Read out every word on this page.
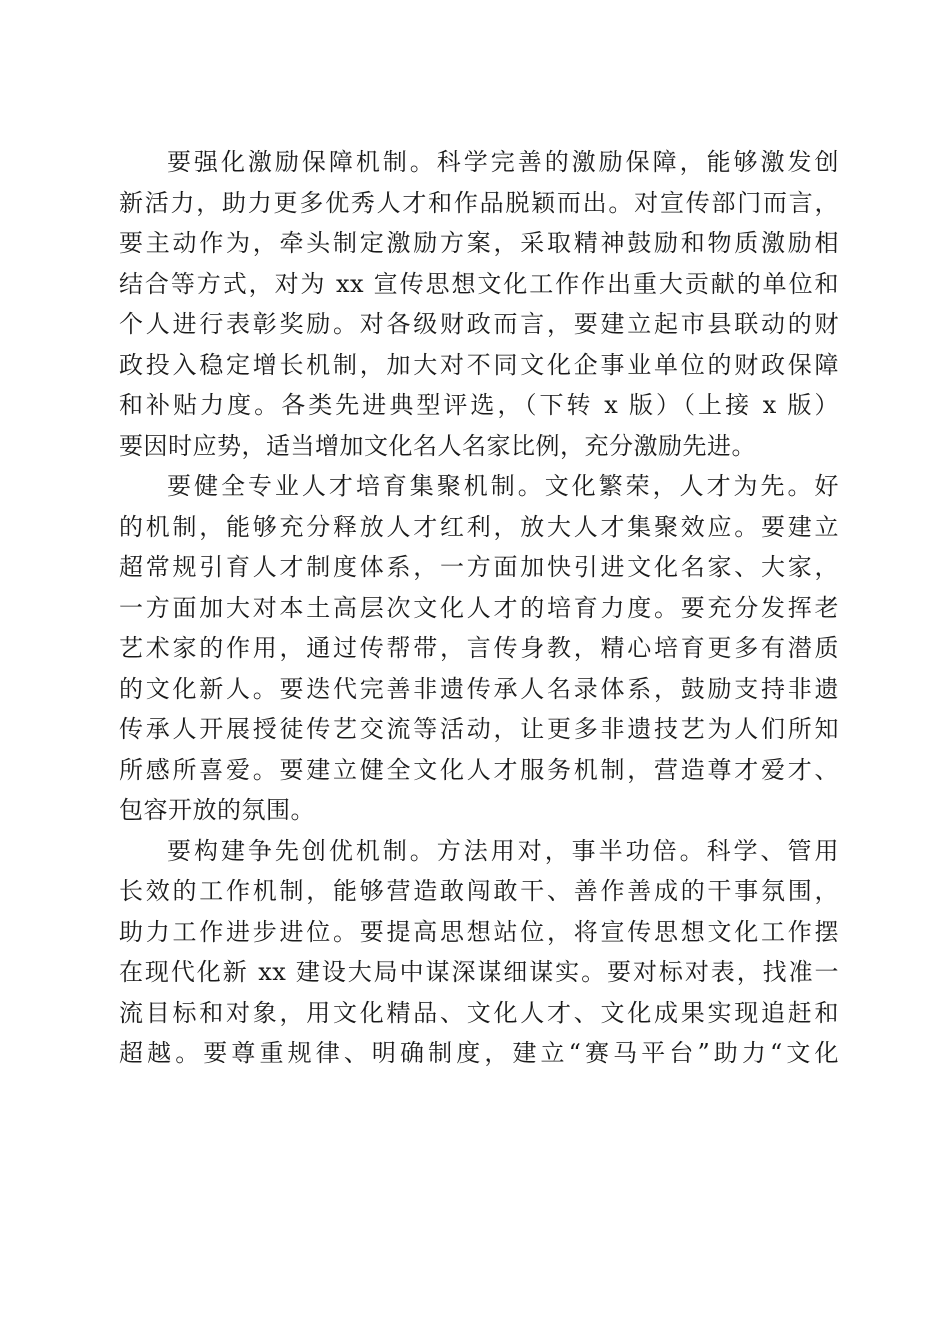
要强化激励保障机制。科学完善的激励保障，能够激发创
新活力，助力更多优秀人才和作品脱颖而出。对宣传部门而言，
要主动作为，牵头制定激励方案，采取精神鼓励和物质激励相
结合等方式，对为 xx 宣传思想文化工作作出重大贡献的单位和
个人进行表彰奖励。对各级财政而言，要建立起市县联动的财
政投入稳定增长机制，加大对不同文化企事业单位的财政保障
和补贴力度。各类先进典型评选，（下转 x 版）（上接 x 版）
要因时应势，适当增加文化名人名家比例，充分激励先进。
要健全专业人才培育集聚机制。文化繁荣，人才为先。好
的机制，能够充分释放人才红利，放大人才集聚效应。要建立
超常规引育人才制度体系，一方面加快引进文化名家、大家，
一方面加大对本土高层次文化人才的培育力度。要充分发挥老
艺术家的作用，通过传帮带，言传身教，精心培育更多有潜质
的文化新人。要迭代完善非遗传承人名录体系，鼓励支持非遗
传承人开展授徒传艺交流等活动，让更多非遗技艺为人们所知
所感所喜爱。要建立健全文化人才服务机制，营造尊才爱才、
包容开放的氛围。
要构建争先创优机制。方法用对，事半功倍。科学、管用
长效的工作机制，能够营造敢闯敢干、善作善成的干事氛围，
助力工作进步进位。要提高思想站位，将宣传思想文化工作摆
在现代化新 xx 建设大局中谋深谋细谋实。要对标对表，找准一
流目标和对象，用文化精品、文化人才、文化成果实现追赶和
超越。要尊重规律、明确制度，建立“赛马平台”助力“文化
